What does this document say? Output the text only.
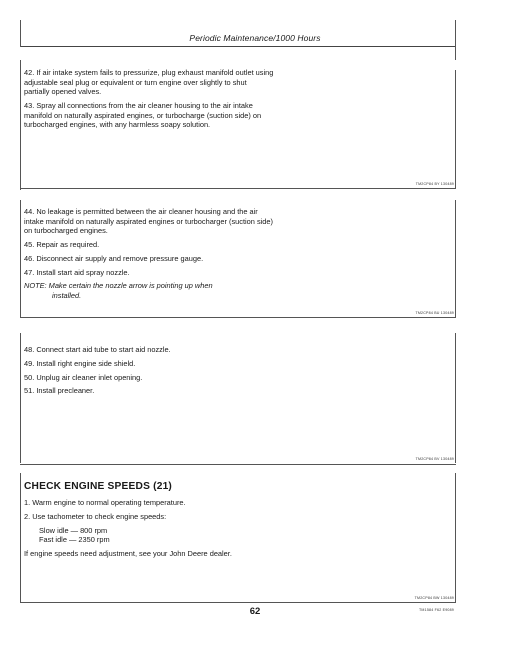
Periodic Maintenance/1000 Hours

42. If air intake system fails to pressurize, plug exhaust manifold outlet using adjustable seal plug or equivalent or turn engine over slightly to shut partially opened valves.

43. Spray all connections from the air cleaner housing to the air intake manifold on naturally aspirated engines, or turbocharge (suction side) on turbocharged engines, with any harmless soapy solution.

TM2CP84 BY 130489

44. No leakage is permitted between the air cleaner housing and the air intake manifold on naturally aspirated engines or turbocharger (suction side) on turbocharged engines.

45. Repair as required.

46. Disconnect air supply and remove pressure gauge.

47. Install start aid spray nozzle.

NOTE: Make certain the nozzle arrow is pointing up when

installed.

TM2CP84 BU 130489

48. Connect start aid tube to start aid nozzle.

49. Install right engine side shield.

50. Unplug air cleaner inlet opening.

51. Install precleaner.

TM2CP84 BV 130489
CHECK ENGINE SPEEDS (21)

1. Warm engine to normal operating temperature.

2. Use tachometer to check engine speeds:

Slow idle — 800 rpm
Fast idle — 2350 rpm

If engine speeds need adjustment, see your John Deere dealer.

TM2CP84 BW 130489
62	TM1584 F62 E9089
